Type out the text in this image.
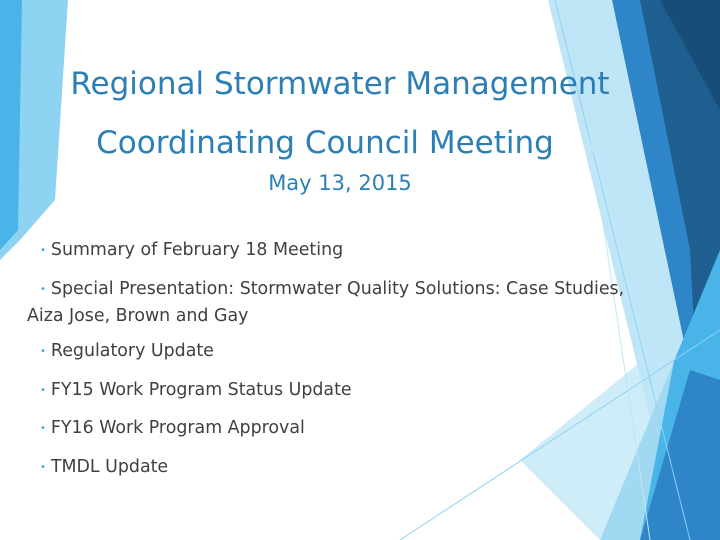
Regional Stormwater Management
Coordinating Council Meeting
May 13, 2015
• Summary of February 18 Meeting
• Special Presentation: Stormwater Quality Solutions: Case Studies, Aiza Jose, Brown and Gay
• Regulatory Update
• FY15 Work Program Status Update
• FY16 Work Program Approval
• TMDL Update
